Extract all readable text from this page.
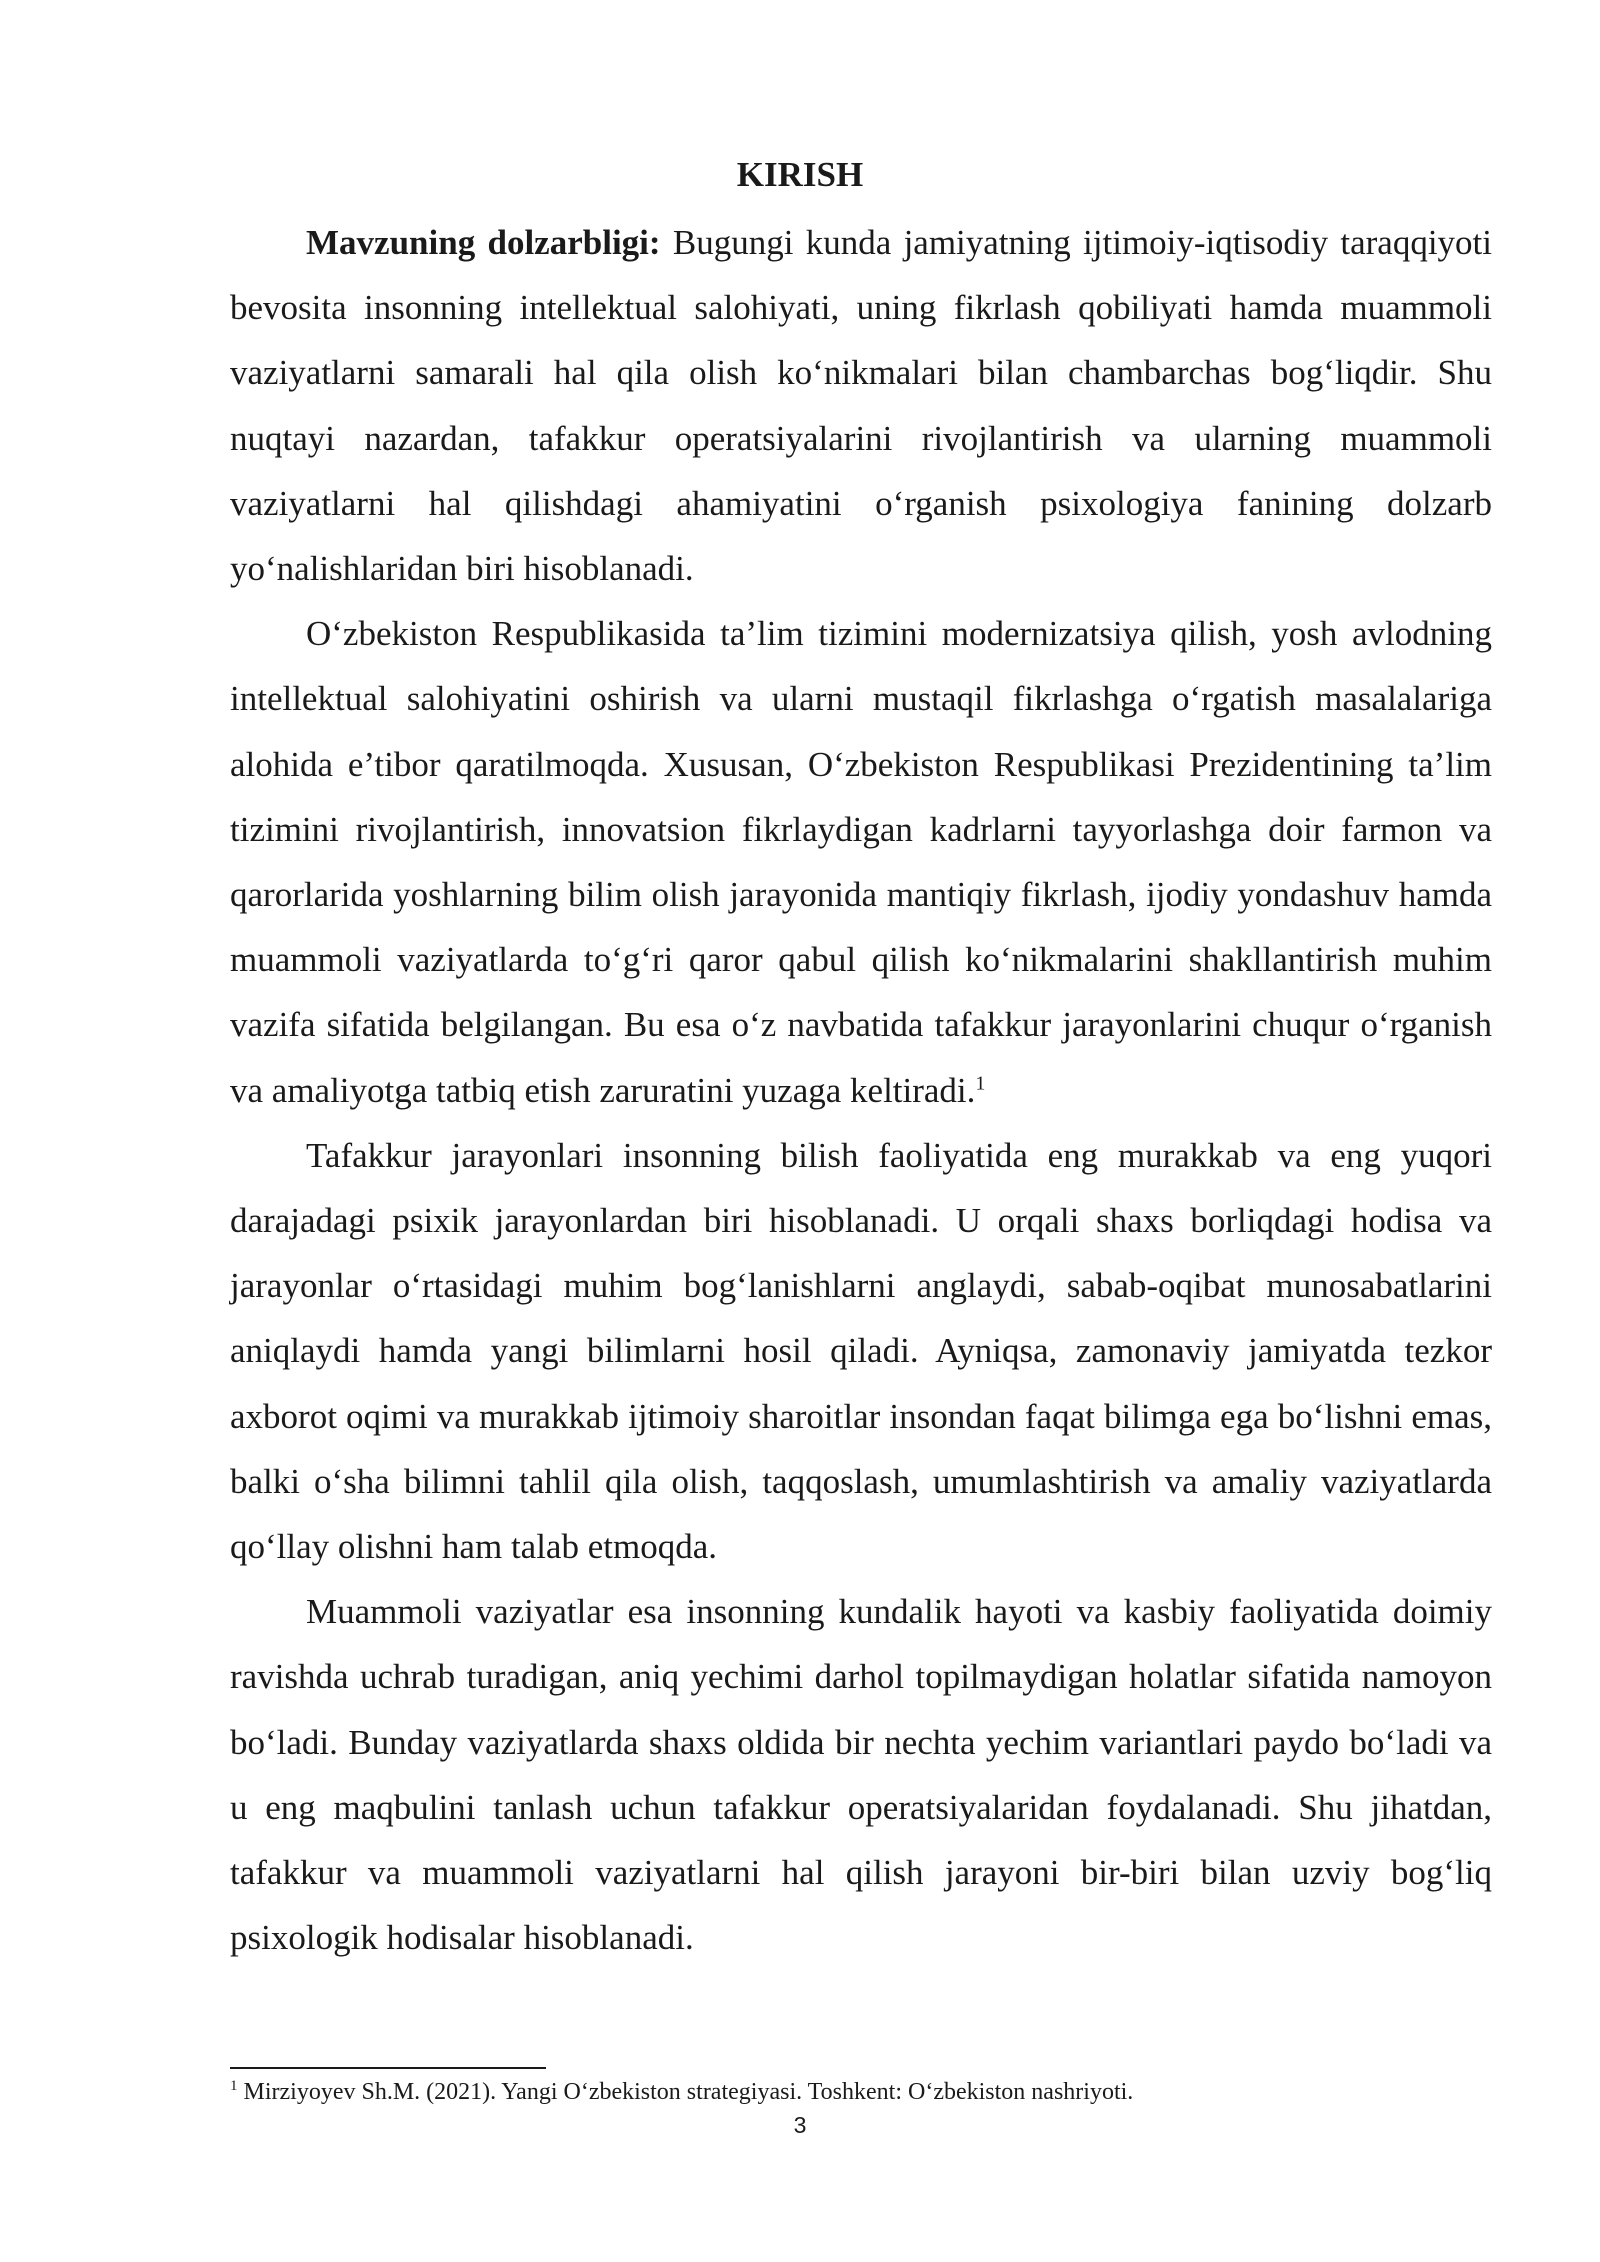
KIRISH

Mavzuning dolzarbligi: Bugungi kunda jamiyatning ijtimoiy-iqtisodiy taraqqiyoti bevosita insonning intellektual salohiyati, uning fikrlash qobiliyati hamda muammoli vaziyatlarni samarali hal qila olish ko‘nikmalari bilan chambarchas bog‘liqdir. Shu nuqtayi nazardan, tafakkur operatsiyalarini rivojlantirish va ularning muammoli vaziyatlarni hal qilishdagi ahamiyatini o‘rganish psixologiya fanining dolzarb yo‘nalishlaridan biri hisoblanadi.

O‘zbekiston Respublikasida ta’lim tizimini modernizatsiya qilish, yosh avlodning intellektual salohiyatini oshirish va ularni mustaqil fikrlashga o‘rgatish masalalariga alohida e’tibor qaratilmoqda. Xususan, O‘zbekiston Respublikasi Prezidentining ta’lim tizimini rivojlantirish, innovatsion fikrlaydigan kadrlarni tayyorlashga doir farmon va qarorlarida yoshlarning bilim olish jarayonida mantiqiy fikrlash, ijodiy yondashuv hamda muammoli vaziyatlarda to‘g‘ri qaror qabul qilish ko‘nikmalarini shakllantirish muhim vazifa sifatida belgilangan. Bu esa o‘z navbatida tafakkur jarayonlarini chuqur o‘rganish va amaliyotga tatbiq etish zaruratini yuzaga keltiradi.$^1$

Tafakkur jarayonlari insonning bilish faoliyatida eng murakkab va eng yuqori darajadagi psixik jarayonlardan biri hisoblanadi. U orqali shaxs borliqdagi hodisa va jarayonlar o‘rtasidagi muhim bog‘lanishlarni anglaydi, sabab-oqibat munosabatlarini aniqlaydi hamda yangi bilimlarni hosil qiladi. Ayniqsa, zamonaviy jamiyatda tezkor axborot oqimi va murakkab ijtimoiy sharoitlar insondan faqat bilimga ega bo‘lishni emas, balki o‘sha bilimni tahlil qila olish, taqqoslash, umumlashtirish va amaliy vaziyatlarda qo‘llay olishni ham talab etmoqda.

Muammoli vaziyatlar esa insonning kundalik hayoti va kasbiy faoliyatida doimiy ravishda uchrab turadigan, aniq yechimi darhol topilmaydigan holatlar sifatida namoyon bo‘ladi. Bunday vaziyatlarda shaxs oldida bir nechta yechim variantlari paydo bo‘ladi va u eng maqbulini tanlash uchun tafakkur operatsiyalaridan foydalanadi. Shu jihatdan, tafakkur va muammoli vaziyatlarni hal qilish jarayoni bir-biri bilan uzviy bog‘liq psixologik hodisalar hisoblanadi.

$^1$ Mirziyoyev Sh.M. (2021). Yangi O‘zbekiston strategiyasi. Toshkent: O‘zbekiston nashriyoti.

3
